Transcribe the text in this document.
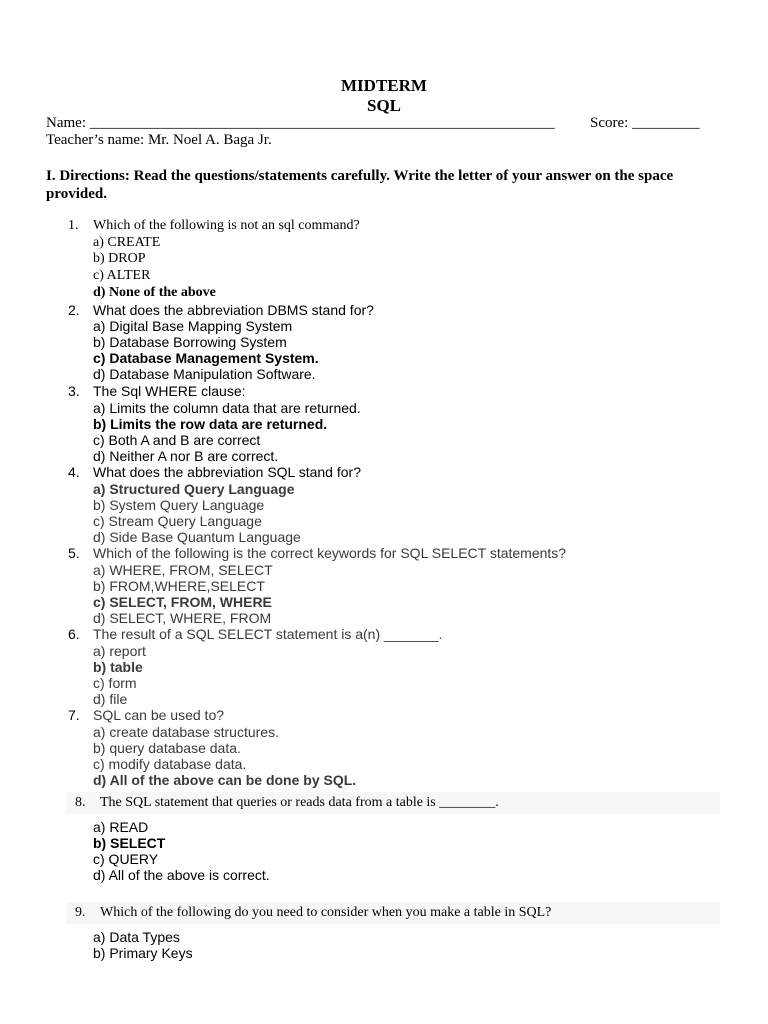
MIDTERM
SQL
Name: ______________________________________________________________ Score: _________
Teacher’s name: Mr. Noel A. Baga Jr.
I. Directions: Read the questions/statements carefully. Write the letter of your answer on the space provided.
1.	Which of the following is not an sql command?
a) CREATE
b) DROP
c) ALTER
d) None of the above
2. What does the abbreviation DBMS stand for?
a) Digital Base Mapping System
b) Database Borrowing System
c) Database Management System.
d) Database Manipulation Software.
3. The Sql WHERE clause:
a) Limits the column data that are returned.
b) Limits the row data are returned.
c) Both A and B are correct
d) Neither A nor B are correct.
4. What does the abbreviation SQL stand for?
a) Structured Query Language
b) System Query Language
c) Stream Query Language
d) Side Base Quantum Language
5. Which of the following is the correct keywords for SQL SELECT statements?
a) WHERE, FROM, SELECT
b) FROM,WHERE,SELECT
c) SELECT, FROM, WHERE
d) SELECT, WHERE, FROM
6. The result of a SQL SELECT statement is a(n) _______.
a) report
b) table
c) form
d) file
7. SQL can be used to?
a) create database structures.
b) query database data.
c) modify database data.
d) All of the above can be done by SQL.
8. The SQL statement that queries or reads data from a table is ________.
a) READ
b) SELECT
c) QUERY
d) All of the above is correct.
9. Which of the following do you need to consider when you make a table in SQL?
a) Data Types
b) Primary Keys
